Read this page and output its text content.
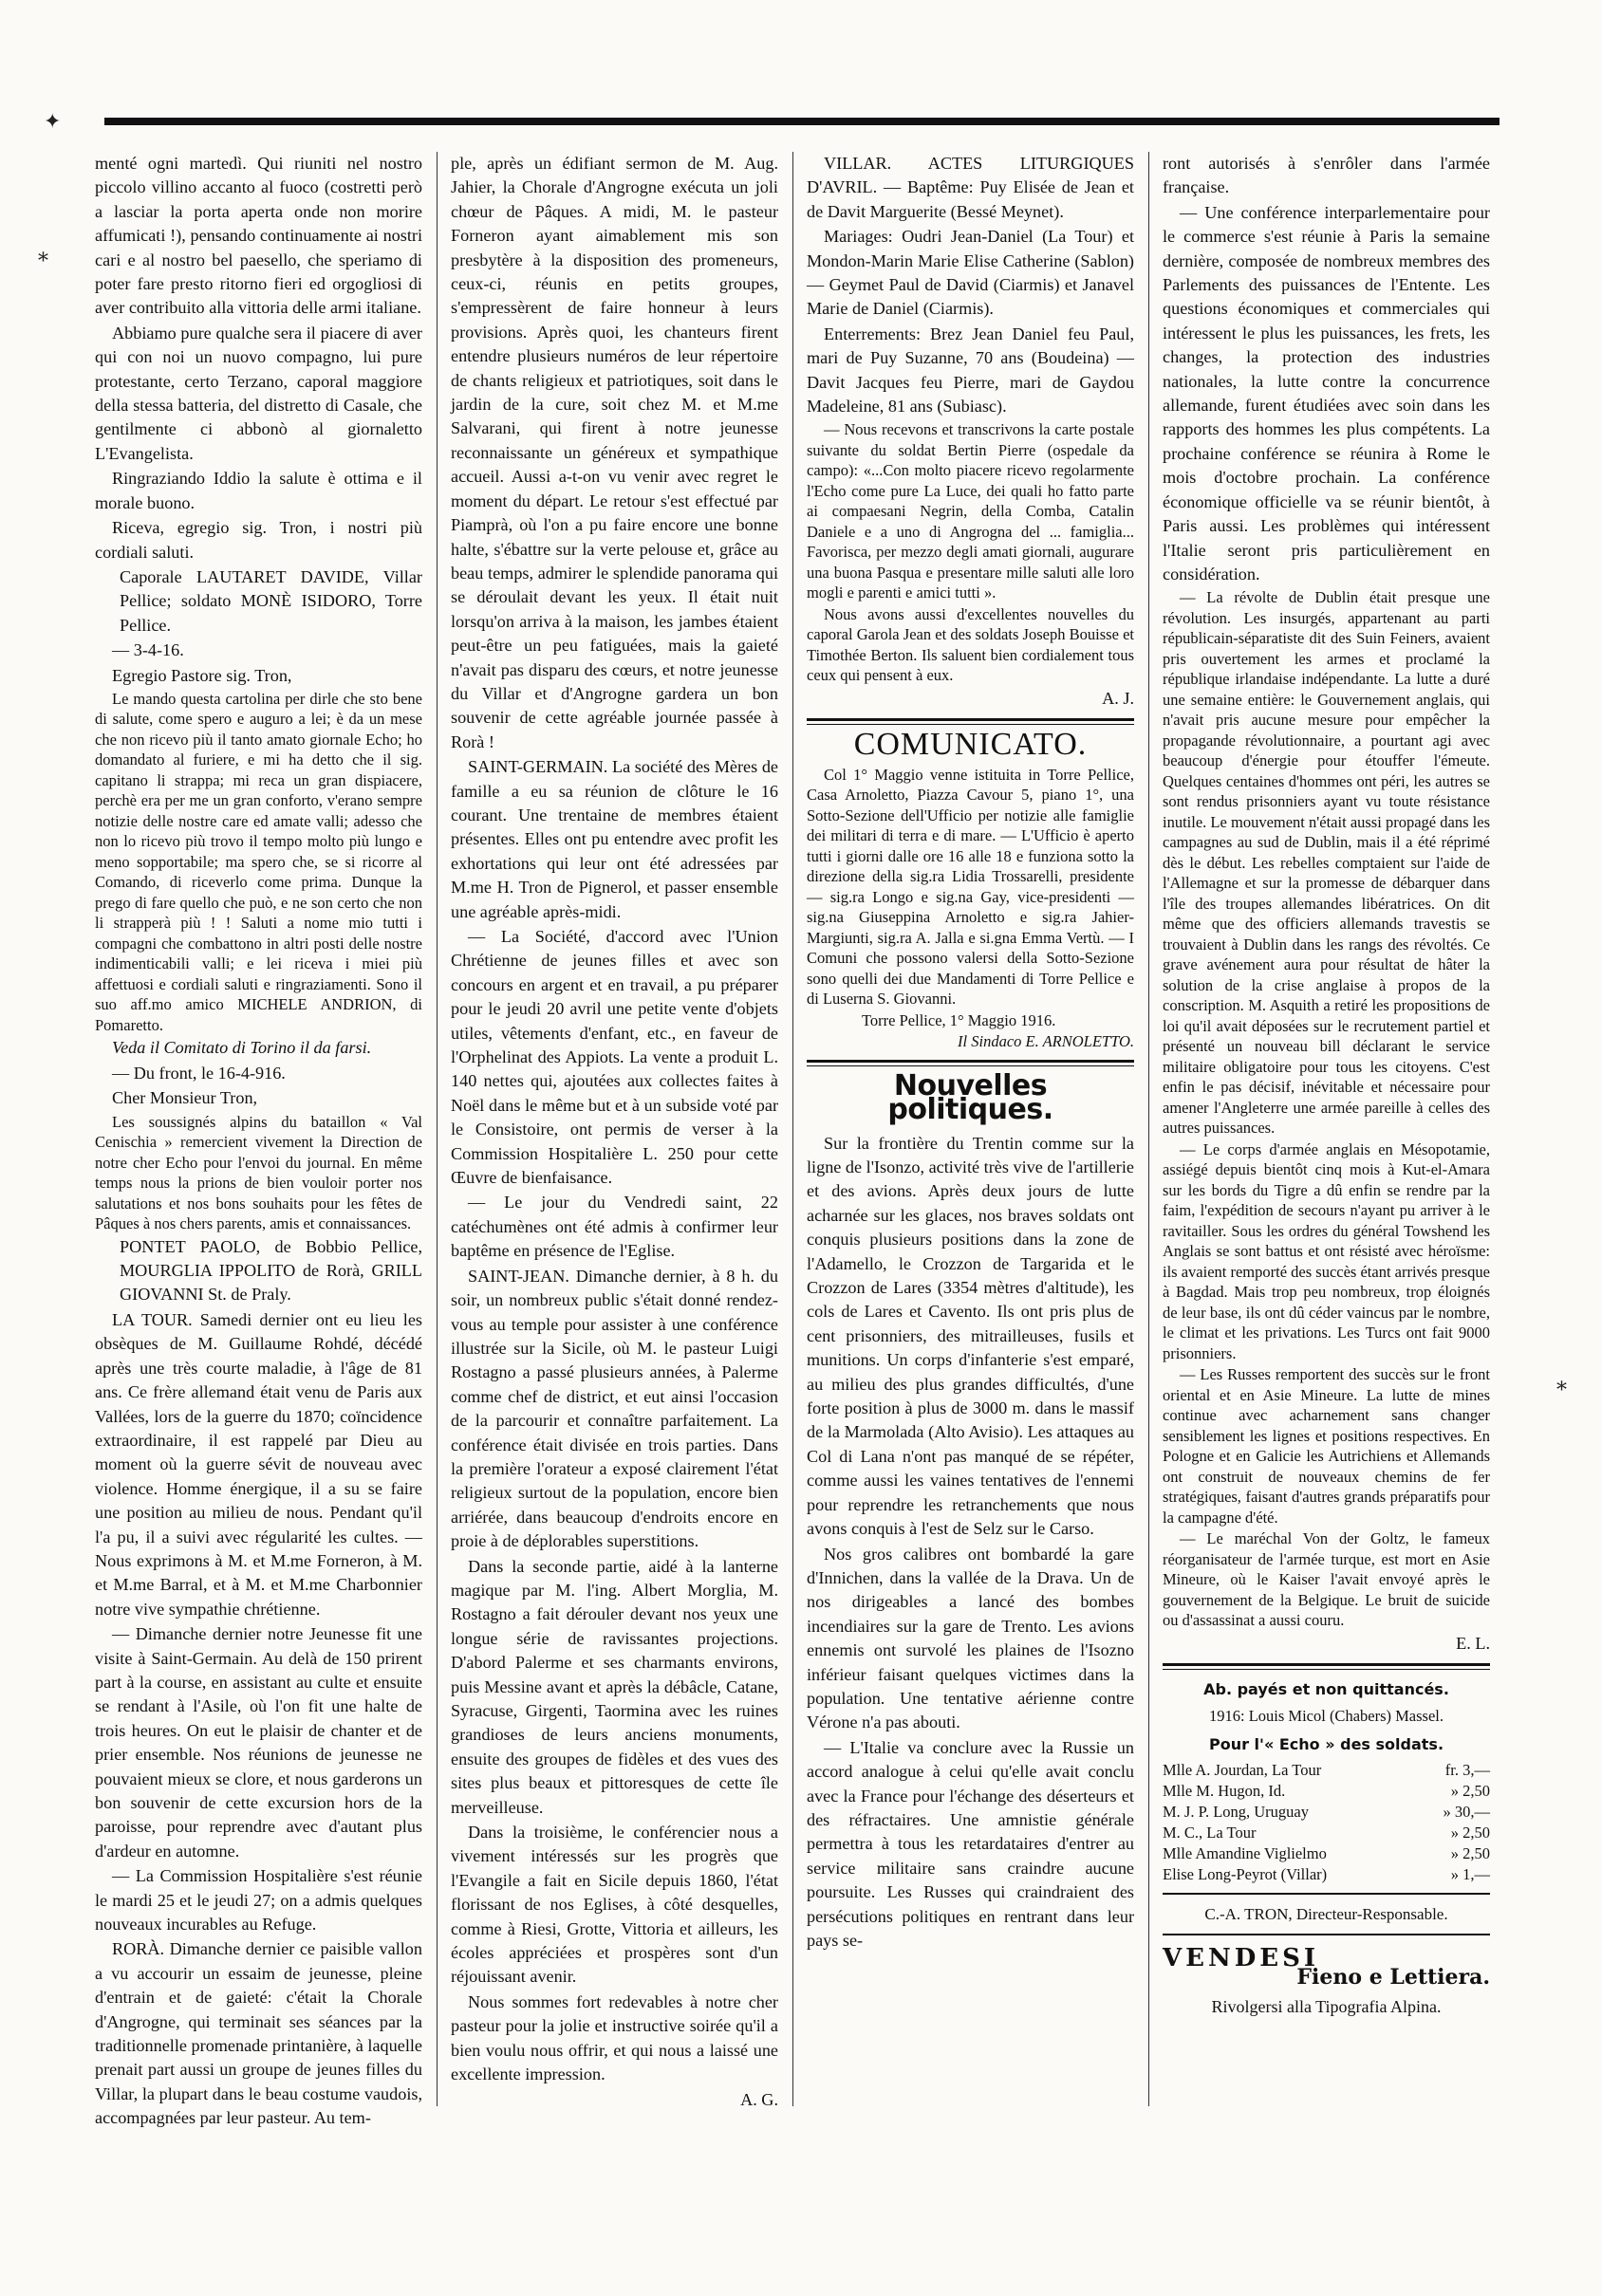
menté ogni martedì. Qui riuniti nel nostro piccolo villino accanto al fuoco (costretti però a lasciar la porta aperta onde non morire affumicati !), pensando continuamente ai nostri cari e al nostro bel paesello, che speriamo di poter fare presto ritorno fieri ed orgogliosi di aver contribuito alla vittoria delle armi italiane.

Abbiamo pure qualche sera il piacere di aver qui con noi un nuovo compagno, lui pure protestante, certo Terzano, caporal maggiore della stessa batteria, del distretto di Casale, che gentilmente ci abbonò al giornaletto L'Evangelista.

Ringraziando Iddio la salute è ottima e il morale buono.

Riceva, egregio sig. Tron, i nostri più cordiali saluti.

Caporale LAUTARET DAVIDE, Villar Pellice; soldato MONÈ ISIDORO, Torre Pellice.

— 3-4-16.

Egregio Pastore sig. Tron,

Le mando questa cartolina per dirle che sto bene di salute, come spero e auguro a lei; è da un mese che non ricevo più il tanto amato giornale Echo; ho domandato al furiere, e mi ha detto che il sig. capitano li strappa; mi reca un gran dispiacere, perchè era per me un gran conforto, v'erano sempre notizie delle nostre care ed amate valli; adesso che non lo ricevo più trovo il tempo molto più lungo e meno sopportabile; ma spero che, se si ricorre al Comando, di riceverlo come prima. Dunque la prego di fare quello che può, e ne son certo che non li strapperà più ! ! Saluti a nome mio tutti i compagni che combattono in altri posti delle nostre indimenticabili valli; e lei riceva i miei più affettuosi e cordiali saluti e ringraziamenti. Sono il suo aff.mo amico MICHELE ANDRION, di Pomaretto.

Veda il Comitato di Torino il da farsi.

— Du front, le 16-4-916.

Cher Monsieur Tron,

Les soussignés alpins du bataillon « Val Cenischia » remercient vivement la Direction de notre cher Echo pour l'envoi du journal. En même temps nous la prions de bien vouloir porter nos salutations et nos bons souhaits pour les fêtes de Pâques à nos chers parents, amis et connaissances.

PONTET PAOLO, de Bobbio Pellice, MOURGLIA IPPOLITO de Rorà, GRILL GIOVANNI St. de Praly.

LA TOUR. Samedi dernier ont eu lieu les obsèques de M. Guillaume Rohdé, décédé après une très courte maladie, à l'âge de 81 ans. Ce frère allemand était venu de Paris aux Vallées, lors de la guerre du 1870; coïncidence extraordinaire, il est rappelé par Dieu au moment où la guerre sévit de nouveau avec violence. Homme énergique, il a su se faire une position au milieu de nous. Pendant qu'il l'a pu, il a suivi avec régularité les cultes. — Nous exprimons à M. et M.me Forneron, à M. et M.me Barral, et à M. et M.me Charbonnier notre vive sympathie chrétienne.

— Dimanche dernier notre Jeunesse fit une visite à Saint-Germain. Au delà de 150 prirent part à la course, en assistant au culte et ensuite se rendant à l'Asile, où l'on fit une halte de trois heures. On eut le plaisir de chanter et de prier ensemble. Nos réunions de jeunesse ne pouvaient mieux se clore, et nous garderons un bon souvenir de cette excursion hors de la paroisse, pour reprendre avec d'autant plus d'ardeur en automne.

— La Commission Hospitalière s'est réunie le mardi 25 et le jeudi 27; on a admis quelques nouveaux incurables au Refuge.

RORÀ. Dimanche dernier ce paisible vallon a vu accourir un essaim de jeunesse, pleine d'entrain et de gaieté: c'était la Chorale d'Angrogne, qui terminait ses séances par la traditionnelle promenade printanière, à laquelle prenait part aussi un groupe de jeunes filles du Villar, la plupart dans le beau costume vaudois, accompagnées par leur pasteur. Au tem-

ple, après un édifiant sermon de M. Aug. Jahier, la Chorale d'Angrogne exécuta un joli chœur de Pâques. A midi, M. le pasteur Forneron ayant aimablement mis son presbytère à la disposition des promeneurs, ceux-ci, réunis en petits groupes, s'empressèrent de faire honneur à leurs provisions. Après quoi, les chanteurs firent entendre plusieurs numéros de leur répertoire de chants religieux et patriotiques, soit dans le jardin de la cure, soit chez M. et M.me Salvarani, qui firent à notre jeunesse reconnaissante un généreux et sympathique accueil. Aussi a-t-on vu venir avec regret le moment du départ. Le retour s'est effectué par Piamprà, où l'on a pu faire encore une bonne halte, s'ébattre sur la verte pelouse et, grâce au beau temps, admirer le splendide panorama qui se déroulait devant les yeux. Il était nuit lorsqu'on arriva à la maison, les jambes étaient peut-être un peu fatiguées, mais la gaieté n'avait pas disparu des cœurs, et notre jeunesse du Villar et d'Angrogne gardera un bon souvenir de cette agréable journée passée à Rorà !

SAINT-GERMAIN. La société des Mères de famille a eu sa réunion de clôture le 16 courant. Une trentaine de membres étaient présentes. Elles ont pu entendre avec profit les exhortations qui leur ont été adressées par M.me H. Tron de Pignerol, et passer ensemble une agréable après-midi.

— La Société, d'accord avec l'Union Chrétienne de jeunes filles et avec son concours en argent et en travail, a pu préparer pour le jeudi 20 avril une petite vente d'objets utiles, vêtements d'enfant, etc., en faveur de l'Orphelinat des Appiots. La vente a produit L. 140 nettes qui, ajoutées aux collectes faites à Noël dans le même but et à un subside voté par le Consistoire, ont permis de verser à la Commission Hospitalière L. 250 pour cette Œuvre de bienfaisance.

— Le jour du Vendredi saint, 22 catéchumènes ont été admis à confirmer leur baptême en présence de l'Eglise.

SAINT-JEAN. Dimanche dernier, à 8 h. du soir, un nombreux public s'était donné rendez-vous au temple pour assister à une conférence illustrée sur la Sicile, où M. le pasteur Luigi Rostagno a passé plusieurs années, à Palerme comme chef de district, et eut ainsi l'occasion de la parcourir et connaître parfaitement. La conférence était divisée en trois parties. Dans la première l'orateur a exposé clairement l'état religieux surtout de la population, encore bien arriérée, dans beaucoup d'endroits encore en proie à de déplorables superstitions.

Dans la seconde partie, aidé à la lanterne magique par M. l'ing. Albert Morglia, M. Rostagno a fait dérouler devant nos yeux une longue série de ravissantes projections. D'abord Palerme et ses charmants environs, puis Messine avant et après la débâcle, Catane, Syracuse, Girgenti, Taormina avec les ruines grandioses de leurs anciens monuments, ensuite des groupes de fidèles et des vues des sites plus beaux et pittoresques de cette île merveilleuse.

Dans la troisième, le conférencier nous a vivement intéressés sur les progrès que l'Evangile a fait en Sicile depuis 1860, l'état florissant de nos Eglises, à côté desquelles, comme à Riesi, Grotte, Vittoria et ailleurs, les écoles appréciées et prospères sont d'un réjouissant avenir.

Nous sommes fort redevables à notre cher pasteur pour la jolie et instructive soirée qu'il a bien voulu nous offrir, et qui nous a laissé une excellente impression.

A. G.

VILLAR. ACTES LITURGIQUES D'AVRIL. — Baptême: Puy Elisée de Jean et de Davit Marguerite (Bessé Meynet).

Mariages: Oudri Jean-Daniel (La Tour) et Mondon-Marin Marie Elise Catherine (Sablon) — Geymet Paul de David (Ciarmis) et Janavel Marie de Daniel (Ciarmis).

Enterrements: Brez Jean Daniel feu Paul, mari de Puy Suzanne, 70 ans (Boudeina) — Davit Jacques feu Pierre, mari de Gaydou Madeleine, 81 ans (Subiasc).

— Nous recevons et transcrivons la carte postale suivante du soldat Bertin Pierre (ospedale da campo): «...Con molto piacere ricevo regolarmente l'Echo come pure La Luce, dei quali ho fatto parte ai compaesani Negrin, della Comba, Catalin Daniele e a uno di Angrogna del ... famiglia... Favorisca, per mezzo degli amati giornali, augurare una buona Pasqua e presentare mille saluti alle loro mogli e parenti e amici tutti ».

Nous avons aussi d'excellentes nouvelles du caporal Garola Jean et des soldats Joseph Bouisse et Timothée Berton. Ils saluent bien cordialement tous ceux qui pensent à eux.

A. J.

COMUNICATO.

Col 1° Maggio venne istituita in Torre Pellice, Casa Arnoletto, Piazza Cavour 5, piano 1°, una Sotto-Sezione dell'Ufficio per notizie alle famiglie dei militari di terra e di mare. — L'Ufficio è aperto tutti i giorni dalle ore 16 alle 18 e funziona sotto la direzione della sig.ra Lidia Trossarelli, presidente — sig.ra Longo e sig.na Gay, vice-presidenti — sig.na Giuseppina Arnoletto e sig.ra Jahier-Margiunti, sig.ra A. Jalla e si.gna Emma Vertù. — I Comuni che possono valersi della Sotto-Sezione sono quelli dei due Mandamenti di Torre Pellice e di Luserna S. Giovanni.

Torre Pellice, 1° Maggio 1916.

Il Sindaco E. ARNOLETTO.

Nouvelles politiques.

Sur la frontière du Trentin comme sur la ligne de l'Isonzo, activité très vive de l'artillerie et des avions. Après deux jours de lutte acharnée sur les glaces, nos braves soldats ont conquis plusieurs positions dans la zone de l'Adamello, le Crozzon de Targarida et le Crozzon de Lares (3354 mètres d'altitude), les cols de Lares et Cavento. Ils ont pris plus de cent prisonniers, des mitrailleuses, fusils et munitions. Un corps d'infanterie s'est emparé, au milieu des plus grandes difficultés, d'une forte position à plus de 3000 m. dans le massif de la Marmolada (Alto Avisio). Les attaques au Col di Lana n'ont pas manqué de se répéter, comme aussi les vaines tentatives de l'ennemi pour reprendre les retranchements que nous avons conquis à l'est de Selz sur le Carso.

Nos gros calibres ont bombardé la gare d'Innichen, dans la vallée de la Drava. Un de nos dirigeables a lancé des bombes incendiaires sur la gare de Trento. Les avions ennemis ont survolé les plaines de l'Isozno inférieur faisant quelques victimes dans la population. Une tentative aérienne contre Vérone n'a pas abouti.

— L'Italie va conclure avec la Russie un accord analogue à celui qu'elle avait conclu avec la France pour l'échange des déserteurs et des réfractaires. Une amnistie générale permettra à tous les retardataires d'entrer au service militaire sans craindre aucune poursuite. Les Russes qui craindraient des persécutions politiques en rentrant dans leur pays se-

ront autorisés à s'enrôler dans l'armée française.

— Une conférence interparlementaire pour le commerce s'est réunie à Paris la semaine dernière, composée de nombreux membres des Parlements des puissances de l'Entente. Les questions économiques et commerciales qui intéressent le plus les puissances, les frets, les changes, la protection des industries nationales, la lutte contre la concurrence allemande, furent étudiées avec soin dans les rapports des hommes les plus compétents. La prochaine conférence se réunira à Rome le mois d'octobre prochain. La conférence économique officielle va se réunir bientôt, à Paris aussi. Les problèmes qui intéressent l'Italie seront pris particulièrement en considération.

— La révolte de Dublin était presque une révolution. Les insurgés, appartenant au parti républicain-séparatiste dit des Suin Feiners, avaient pris ouvertement les armes et proclamé la république irlandaise indépendante. La lutte a duré une semaine entière: le Gouvernement anglais, qui n'avait pris aucune mesure pour empêcher la propagande révolutionnaire, a pourtant agi avec beaucoup d'énergie pour étouffer l'émeute. Quelques centaines d'hommes ont péri, les autres se sont rendus prisonniers ayant vu toute résistance inutile. Le mouvement n'était aussi propagé dans les campagnes au sud de Dublin, mais il a été réprimé dès le début. Les rebelles comptaient sur l'aide de l'Allemagne et sur la promesse de débarquer dans l'île des troupes allemandes libératrices. On dit même que des officiers allemands travestis se trouvaient à Dublin dans les rangs des révoltés. Ce grave avénement aura pour résultat de hâter la solution de la crise anglaise à propos de la conscription. M. Asquith a retiré les propositions de loi qu'il avait déposées sur le recrutement partiel et présenté un nouveau bill déclarant le service militaire obligatoire pour tous les citoyens. C'est enfin le pas décisif, inévitable et nécessaire pour amener l'Angleterre une armée pareille à celles des autres puissances.

— Le corps d'armée anglais en Mésopotamie, assiégé depuis bientôt cinq mois à Kut-el-Amara sur les bords du Tigre a dû enfin se rendre par la faim, l'expédition de secours n'ayant pu arriver à le ravitailler. Sous les ordres du général Towshend les Anglais se sont battus et ont résisté avec héroïsme: ils avaient remporté des succès étant arrivés presque à Bagdad. Mais trop peu nombreux, trop éloignés de leur base, ils ont dû céder vaincus par le nombre, le climat et les privations. Les Turcs ont fait 9000 prisonniers.

— Les Russes remportent des succès sur le front oriental et en Asie Mineure. La lutte de mines continue avec acharnement sans changer sensiblement les lignes et positions respectives. En Pologne et en Galicie les Autrichiens et Allemands ont construit de nouveaux chemins de fer stratégiques, faisant d'autres grands préparatifs pour la campagne d'été.

— Le maréchal Von der Goltz, le fameux réorganisateur de l'armée turque, est mort en Asie Mineure, où le Kaiser l'avait envoyé après le gouvernement de la Belgique. Le bruit de suicide ou d'assassinat a aussi couru.

E. L.

Ab. payés et non quittancés.
1916: Louis Micol (Chabers) Massel.
Pour l'« Echo » des soldats.
Mlle A. Jourdan, La Tour	fr. 3,—
Mlle M. Hugon, Id.	» 2,50
M. J. P. Long, Uruguay	» 30,—
M. C., La Tour	» 2,50
Mlle Amandine Viglielmo	» 2,50
Elise Long-Peyrot (Villar)	» 1,—
C.-A. TRON, Directeur-Responsable.
VENDESI
Fieno e Lettiera.
Rivolgersi alla Tipografia Alpina.
✦
⁎
⁎
